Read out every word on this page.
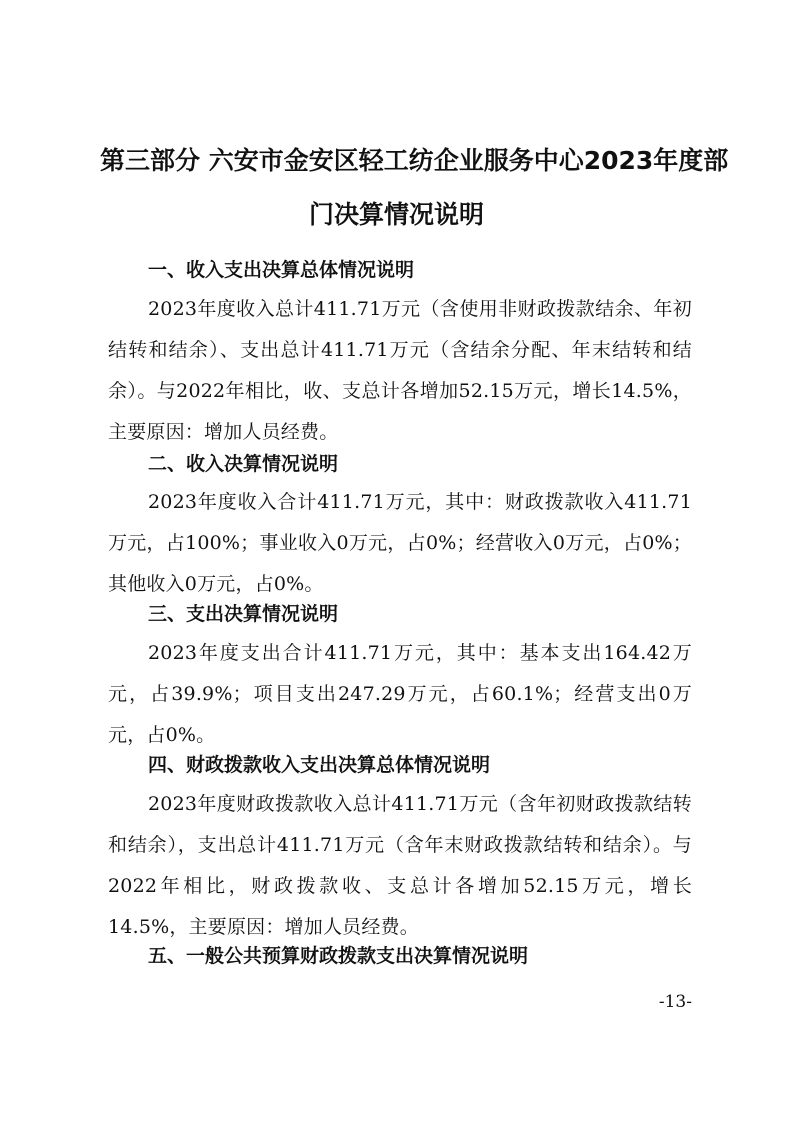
第三部分 六安市金安区轻工纺企业服务中心2023年度部
门决算情况说明
一、收入支出决算总体情况说明
2023年度收入总计411.71万元（含使用非财政拨款结余、年初结转和结余）、支出总计411.71万元（含结余分配、年末结转和结余）。与2022年相比，收、支总计各增加52.15万元，增长14.5%，主要原因：增加人员经费。
二、收入决算情况说明
2023年度收入合计411.71万元，其中：财政拨款收入411.71万元，占100%；事业收入0万元，占0%；经营收入0万元，占0%；其他收入0万元，占0%。
三、支出决算情况说明
2023年度支出合计411.71万元，其中：基本支出164.42万元，占39.9%；项目支出247.29万元，占60.1%；经营支出0万元，占0%。
四、财政拨款收入支出决算总体情况说明
2023年度财政拨款收入总计411.71万元（含年初财政拨款结转和结余），支出总计411.71万元（含年末财政拨款结转和结余）。与2022年相比，财政拨款收、支总计各增加52.15万元，增长14.5%，主要原因：增加人员经费。
五、一般公共预算财政拨款支出决算情况说明
-13-
